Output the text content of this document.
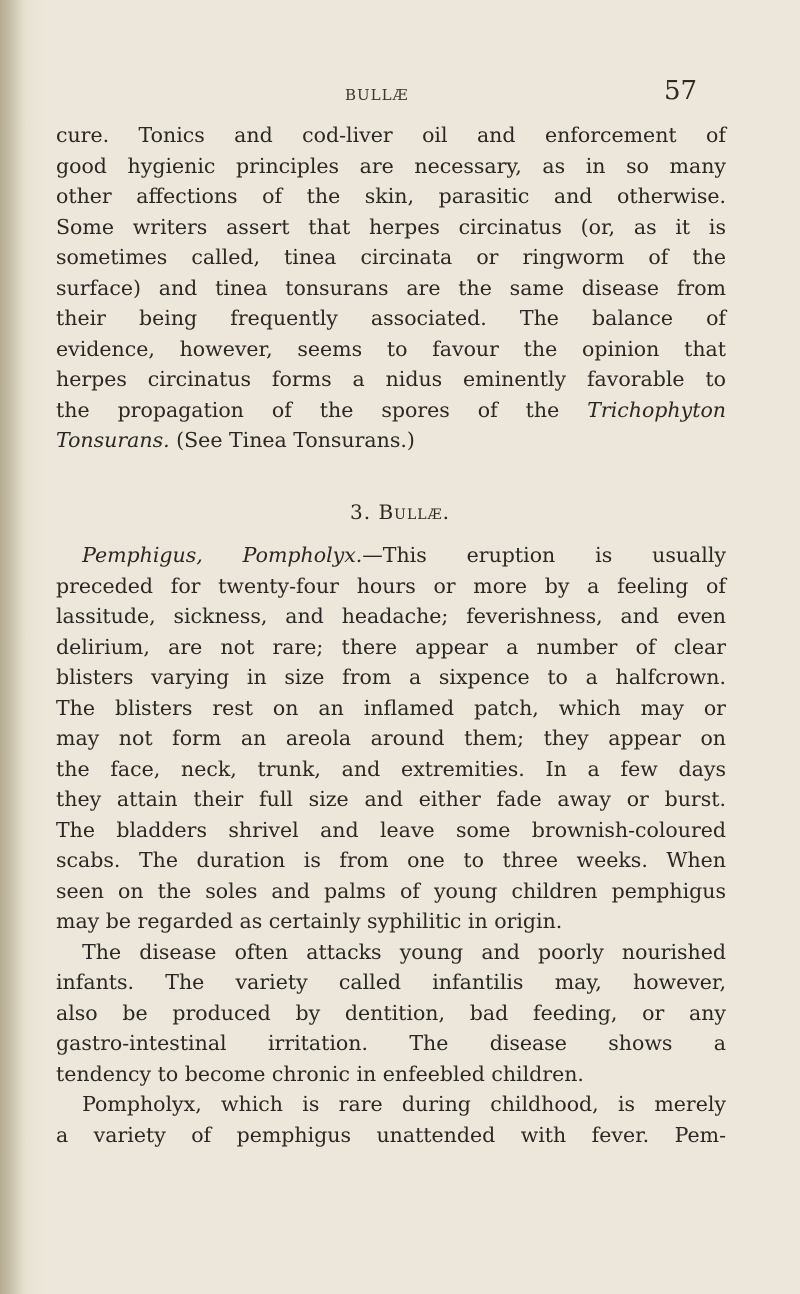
BULLÆ	57

cure. Tonics and cod-liver oil and enforcement of

good hygienic principles are necessary, as in so many

other affections of the skin, parasitic and otherwise.

Some writers assert that herpes circinatus (or, as it is

sometimes called, tinea circinata or ringworm of the

surface) and tinea tonsurans are the same disease from

their being frequently associated. The balance of

evidence, however, seems to favour the opinion that

herpes circinatus forms a nidus eminently favorable to

the propagation of the spores of the Trichophyton

Tonsurans. (See Tinea Tonsurans.)

3. Bullæ.

Pemphigus, Pompholyx.—This eruption is usually

preceded for twenty-four hours or more by a feeling of

lassitude, sickness, and headache; feverishness, and even

delirium, are not rare; there appear a number of clear

blisters varying in size from a sixpence to a halfcrown.

The blisters rest on an inflamed patch, which may or

may not form an areola around them; they appear on

the face, neck, trunk, and extremities. In a few days

they attain their full size and either fade away or burst.

The bladders shrivel and leave some brownish-coloured

scabs. The duration is from one to three weeks. When

seen on the soles and palms of young children pemphigus

may be regarded as certainly syphilitic in origin.

The disease often attacks young and poorly nourished

infants. The variety called infantilis may, however,

also be produced by dentition, bad feeding, or any

gastro-intestinal irritation. The disease shows a

tendency to become chronic in enfeebled children.

Pompholyx, which is rare during childhood, is merely

a variety of pemphigus unattended with fever. Pem-
